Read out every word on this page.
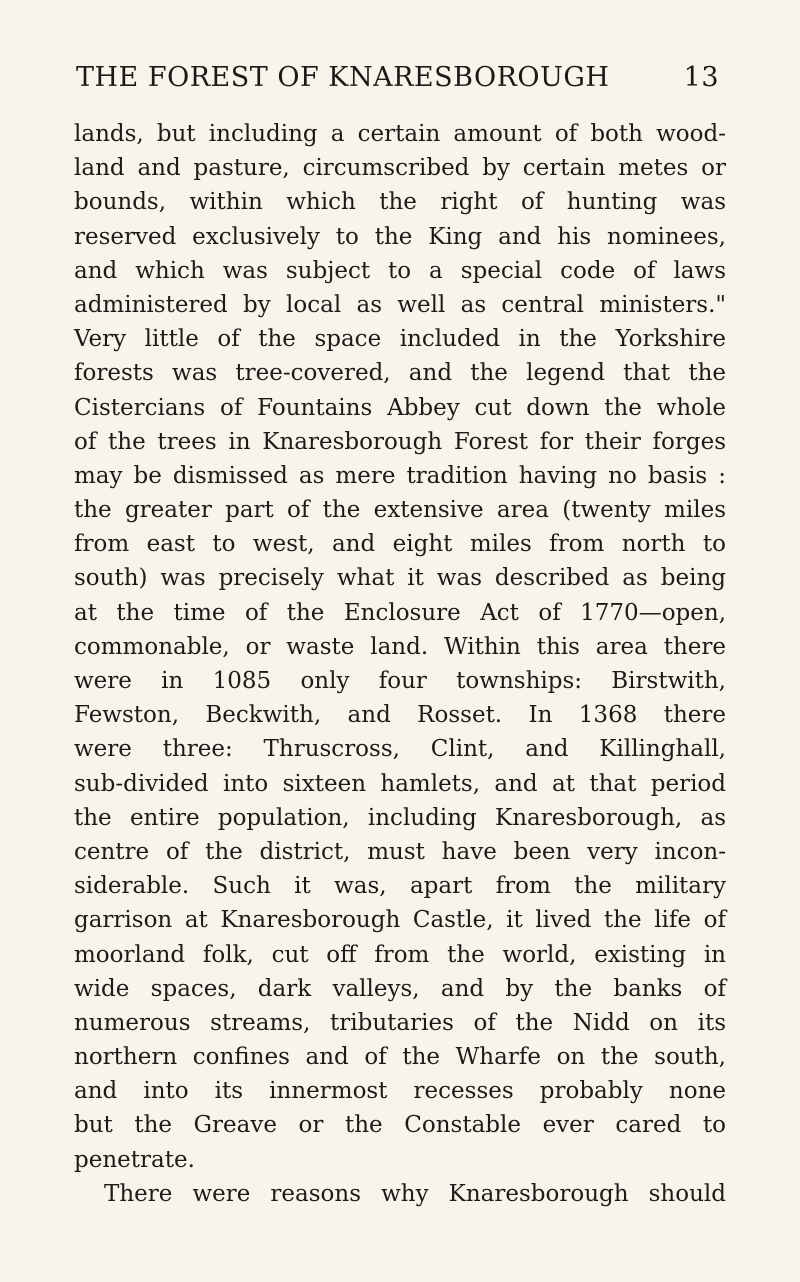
THE FOREST OF KNARESBOROUGH	13
lands, but including a certain amount of both wood-
land and pasture, circumscribed by certain metes or
bounds, within which the right of hunting was
reserved exclusively to the King and his nominees,
and which was subject to a special code of laws
administered by local as well as central ministers."
Very little of the space included in the Yorkshire
forests was tree-covered, and the legend that the
Cistercians of Fountains Abbey cut down the whole
of the trees in Knaresborough Forest for their forges
may be dismissed as mere tradition having no basis :
the greater part of the extensive area (twenty miles
from east to west, and eight miles from north to
south) was precisely what it was described as being
at the time of the Enclosure Act of 1770—open,
commonable, or waste land. Within this area there
were in 1085 only four townships: Birstwith,
Fewston, Beckwith, and Rosset. In 1368 there
were three: Thruscross, Clint, and Killinghall,
sub-divided into sixteen hamlets, and at that period
the entire population, including Knaresborough, as
centre of the district, must have been very incon-
siderable. Such it was, apart from the military
garrison at Knaresborough Castle, it lived the life of
moorland folk, cut off from the world, existing in
wide spaces, dark valleys, and by the banks of
numerous streams, tributaries of the Nidd on its
northern confines and of the Wharfe on the south,
and into its innermost recesses probably none
but the Greave or the Constable ever cared to
penetrate.
There were reasons why Knaresborough should
